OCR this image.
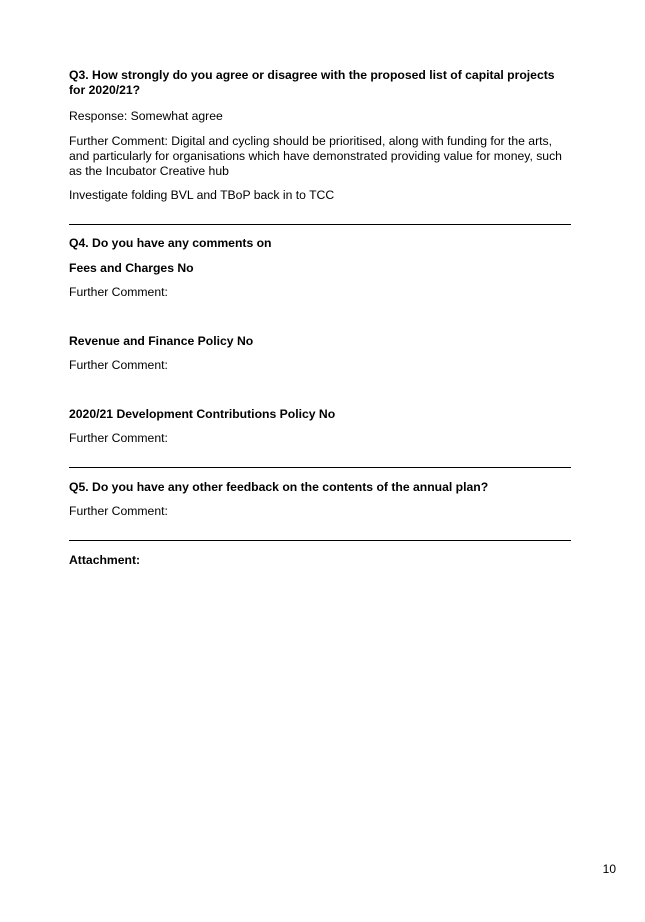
Q3. How strongly do you agree or disagree with the proposed list of capital projects for 2020/21?

Response: Somewhat agree

Further Comment: Digital and cycling should be prioritised, along with funding for the arts, and particularly for organisations which have demonstrated providing value for money, such as the Incubator Creative hub

Investigate folding BVL and TBoP back in to TCC

Q4. Do you have any comments on

Fees and Charges No

Further Comment:

Revenue and Finance Policy No

Further Comment:

2020/21 Development Contributions Policy No

Further Comment:

Q5. Do you have any other feedback on the contents of the annual plan?

Further Comment:

Attachment:

10
